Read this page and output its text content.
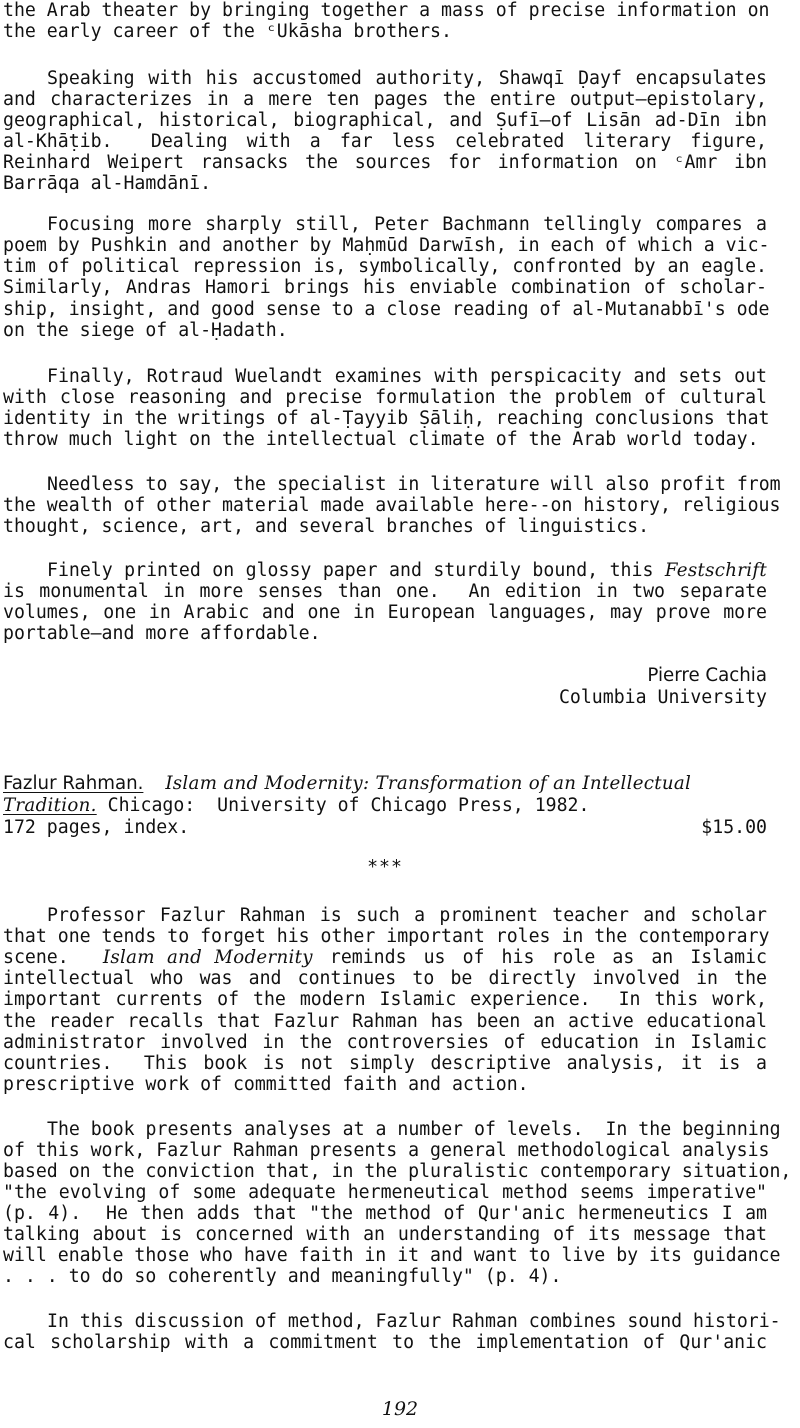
the Arab theater by bringing together a mass of precise information on
the early career of the ᶜUkāsha brothers.
Speaking with his accustomed authority, Shawqī Ḍayf encapsulates
and characterizes in a mere ten pages the entire output—epistolary,
geographical, historical, biographical, and Ṣufī—of Lisān ad-Dīn ibn
al-Khāṭib.  Dealing with a far less celebrated literary figure,
Reinhard Weipert ransacks the sources for information on ᶜAmr ibn
Barrāqa al-Hamdānī.
Focusing more sharply still, Peter Bachmann tellingly compares a
poem by Pushkin and another by Maḥmūd Darwīsh, in each of which a vic-
tim of political repression is, symbolically, confronted by an eagle.
Similarly, Andras Hamori brings his enviable combination of scholar-
ship, insight, and good sense to a close reading of al-Mutanabbī's ode
on the siege of al-Ḥadath.
Finally, Rotraud Wuelandt examines with perspicacity and sets out
with close reasoning and precise formulation the problem of cultural
identity in the writings of al-Ṭayyib Ṣāliḥ, reaching conclusions that
throw much light on the intellectual climate of the Arab world today.
Needless to say, the specialist in literature will also profit from
the wealth of other material made available here--on history, religious
thought, science, art, and several branches of linguistics.
Finely printed on glossy paper and sturdily bound, this Festschrift
is monumental in more senses than one.  An edition in two separate
volumes, one in Arabic and one in European languages, may prove more
portable—and more affordable.
Pierre Cachia
Columbia University
Fazlur Rahman. Islam and Modernity: Transformation of an Intellectual
Tradition. Chicago:  University of Chicago Press, 1982.
172 pages, index.	$15.00
***
Professor Fazlur Rahman is such a prominent teacher and scholar
that one tends to forget his other important roles in the contemporary
scene.  Islam and Modernity reminds us of his role as an Islamic
intellectual who was and continues to be directly involved in the
important currents of the modern Islamic experience.  In this work,
the reader recalls that Fazlur Rahman has been an active educational
administrator involved in the controversies of education in Islamic
countries.  This book is not simply descriptive analysis, it is a
prescriptive work of committed faith and action.
The book presents analyses at a number of levels.  In the beginning
of this work, Fazlur Rahman presents a general methodological analysis
based on the conviction that, in the pluralistic contemporary situation,
"the evolving of some adequate hermeneutical method seems imperative"
(p. 4).  He then adds that "the method of Qur'anic hermeneutics I am
talking about is concerned with an understanding of its message that
will enable those who have faith in it and want to live by its guidance
. . . to do so coherently and meaningfully" (p. 4).
In this discussion of method, Fazlur Rahman combines sound histori-
cal scholarship with a commitment to the implementation of Qur'anic
192
